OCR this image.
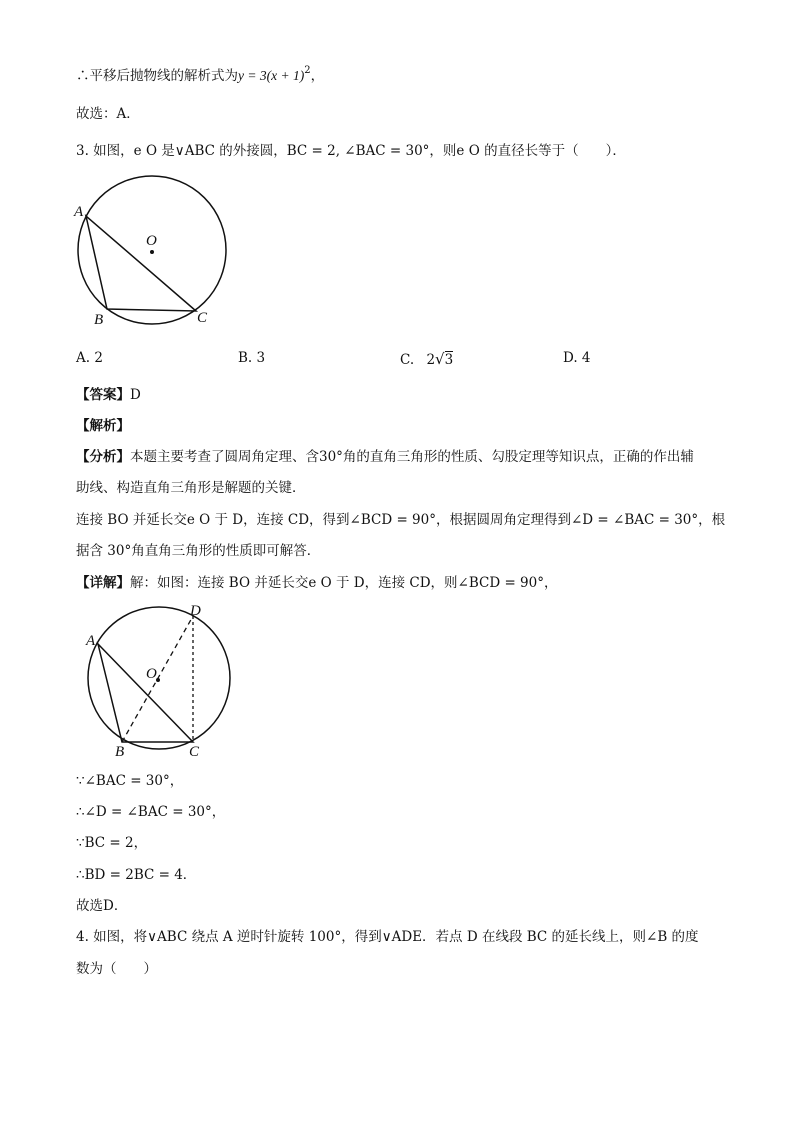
∴平移后抛物线的解析式为$y = 3(x + 1)^2$，
故选：A．
3. 如图，e O 是∨ABC 的外接圆，BC = 2, ∠BAC = 30°，则e O 的直径长等于（　　）．
A
O
B	C
A. 2	B. 3	C. 2√3	D. 4
【答案】D
【解析】
【分析】本题主要考查了圆周角定理、含30°角的直角三角形的性质、勾股定理等知识点，正确的作出辅
助线、构造直角三角形是解题的关键．
连接 BO 并延长交e O 于 D，连接 CD，得到∠BCD = 90°，根据圆周角定理得到∠D = ∠BAC = 30°，根
据含 30°角直角三角形的性质即可解答．
【详解】解：如图：连接 BO 并延长交e O 于 D，连接 CD，则∠BCD = 90°，
A
D
O
B	C
∵∠BAC = 30°，
∴∠D = ∠BAC = 30°，
∵BC = 2，
∴BD = 2BC = 4．
故选D．
4. 如图，将∨ABC 绕点 A 逆时针旋转 100°，得到∨ADE．若点 D 在线段 BC 的延长线上，则∠B 的度
数为（　　）
